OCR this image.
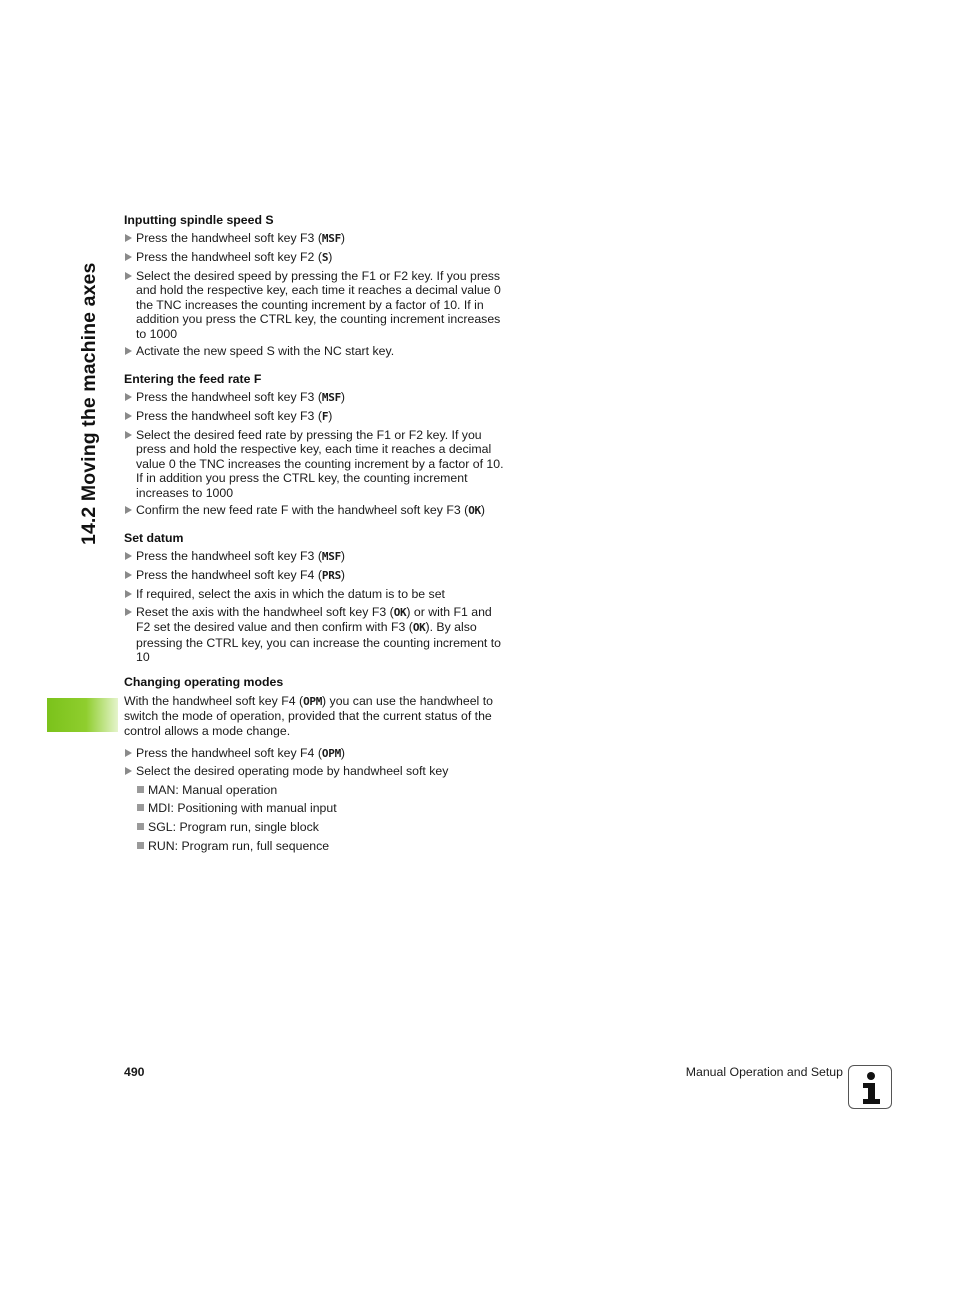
14.2 Moving the machine axes
Inputting spindle speed S
Press the handwheel soft key F3 (MSF)
Press the handwheel soft key F2 (S)
Select the desired speed by pressing the F1 or F2 key. If you press
and hold the respective key, each time it reaches a decimal value 0
the TNC increases the counting increment by a factor of 10. If in
addition you press the CTRL key, the counting increment increases
to 1000
Activate the new speed S with the NC start key.
Entering the feed rate F
Press the handwheel soft key F3 (MSF)
Press the handwheel soft key F3 (F)
Select the desired feed rate by pressing the F1 or F2 key. If you
press and hold the respective key, each time it reaches a decimal
value 0 the TNC increases the counting increment by a factor of 10.
If in addition you press the CTRL key, the counting increment
increases to 1000
Confirm the new feed rate F with the handwheel soft key F3 (OK)
Set datum
Press the handwheel soft key F3 (MSF)
Press the handwheel soft key F4 (PRS)
If required, select the axis in which the datum is to be set
Reset the axis with the handwheel soft key F3 (OK) or with F1 and
F2 set the desired value and then confirm with F3 (OK). By also
pressing the CTRL key, you can increase the counting increment to
10
Changing operating modes
With the handwheel soft key F4 (OPM) you can use the handwheel to
switch the mode of operation, provided that the current status of the
control allows a mode change.
Press the handwheel soft key F4 (OPM)
Select the desired operating mode by handwheel soft key
MAN: Manual operation
MDI: Positioning with manual input
SGL: Program run, single block
RUN: Program run, full sequence
490	Manual Operation and Setup
